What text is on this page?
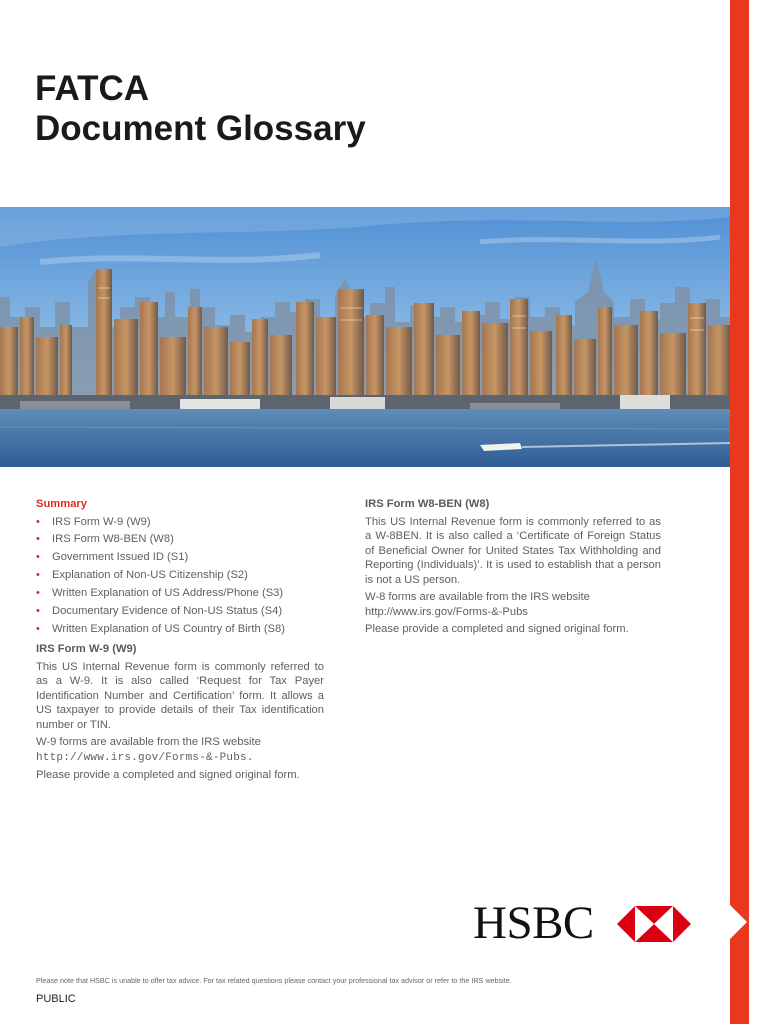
FATCA
Document Glossary
Summary
• IRS Form W-9 (W9)
• IRS Form W8-BEN (W8)
• Government Issued ID (S1)
• Explanation of Non-US Citizenship (S2)
• Written Explanation of US Address/Phone (S3)
• Documentary Evidence of Non-US Status (S4)
• Written Explanation of US Country of Birth (S8)
IRS Form W-9 (W9)

This US Internal Revenue form is commonly referred to as a W-9. It is also called ‘Request for Tax Payer Identification Number and Certification’ form. It allows a US taxpayer to provide details of their Tax identification number or TIN.

W-9 forms are available from the IRS website
http://www.irs.gov/Forms-&-Pubs.

Please provide a completed and signed original form.

IRS Form W8-BEN (W8)

This US Internal Revenue form is commonly referred to as a W-8BEN. It is also called a ‘Certificate of Foreign Status of Beneficial Owner for United States Tax Withholding and Reporting (Individuals)’. It is used to establish that a person is not a US person.

W-8 forms are available from the IRS website
http://www.irs.gov/Forms-&-Pubs

Please provide a completed and signed original form.

HSBC
Please note that HSBC is unable to offer tax advice. For tax related questions please contact your professional tax advisor or refer to the IRS website.
PUBLIC
